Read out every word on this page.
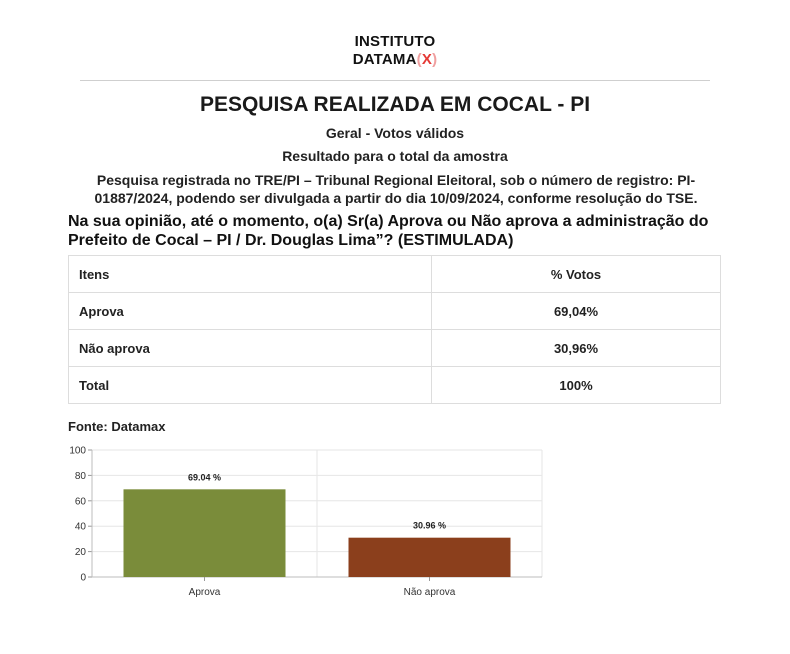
INSTITUTO
DATAMA(X)
PESQUISA REALIZADA EM COCAL - PI
Geral - Votos válidos
Resultado para o total da amostra
Pesquisa registrada no TRE/PI – Tribunal Regional Eleitoral, sob o número de registro: PI-01887/2024, podendo ser divulgada a partir do dia 10/09/2024, conforme resolução do TSE.
Na sua opinião, até o momento, o(a) Sr(a) Aprova ou Não aprova a administração do Prefeito de Cocal – PI / Dr. Douglas Lima”? (ESTIMULADA)
Itens	% Votos
Aprova	69,04%
Não aprova	30,96%
Total	100%
Fonte: Datamax
0
20
40
60
80
100
69.04 %
Aprova
30.96 %
Não aprova
